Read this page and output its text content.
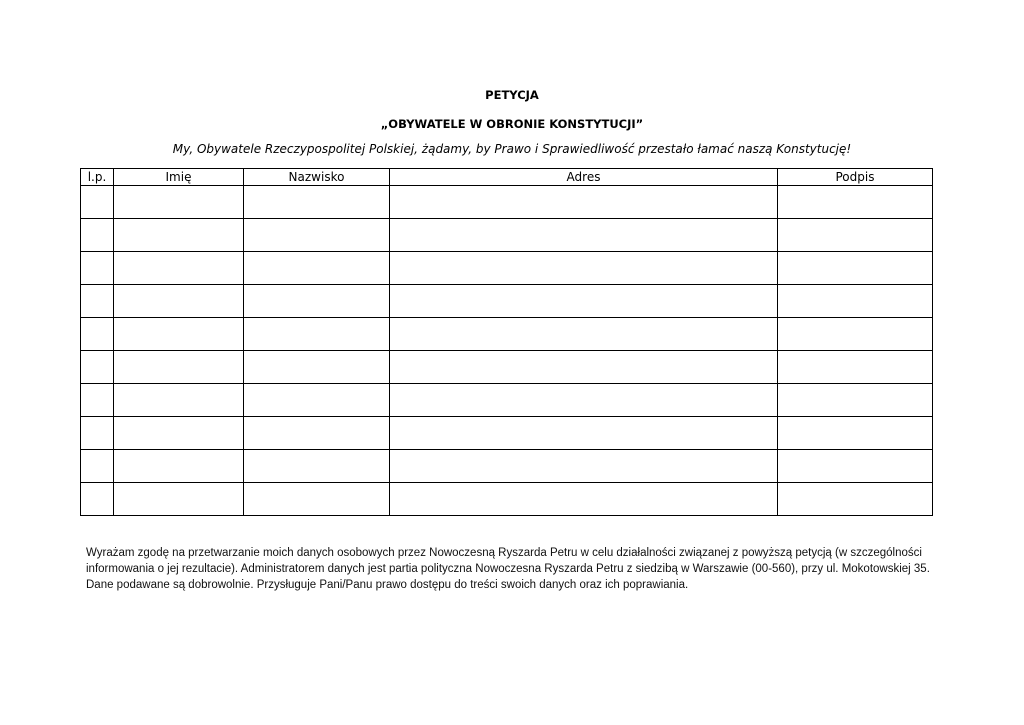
PETYCJA
„OBYWATELE W OBRONIE KONSTYTUCJI”
My, Obywatele Rzeczypospolitej Polskiej, żądamy, by Prawo i Sprawiedliwość przestało łamać naszą Konstytucję!
l.p.	Imię	Nazwisko	Adres	Podpis

Wyrażam zgodę na przetwarzanie moich danych osobowych przez Nowoczesną Ryszarda Petru w celu działalności związanej z powyższą petycją (w szczególności
informowania o jej rezultacie). Administratorem danych jest partia polityczna Nowoczesna Ryszarda Petru z siedzibą w Warszawie (00-560), przy ul. Mokotowskiej 35.
Dane podawane są dobrowolnie. Przysługuje Pani/Panu prawo dostępu do treści swoich danych oraz ich poprawiania.
